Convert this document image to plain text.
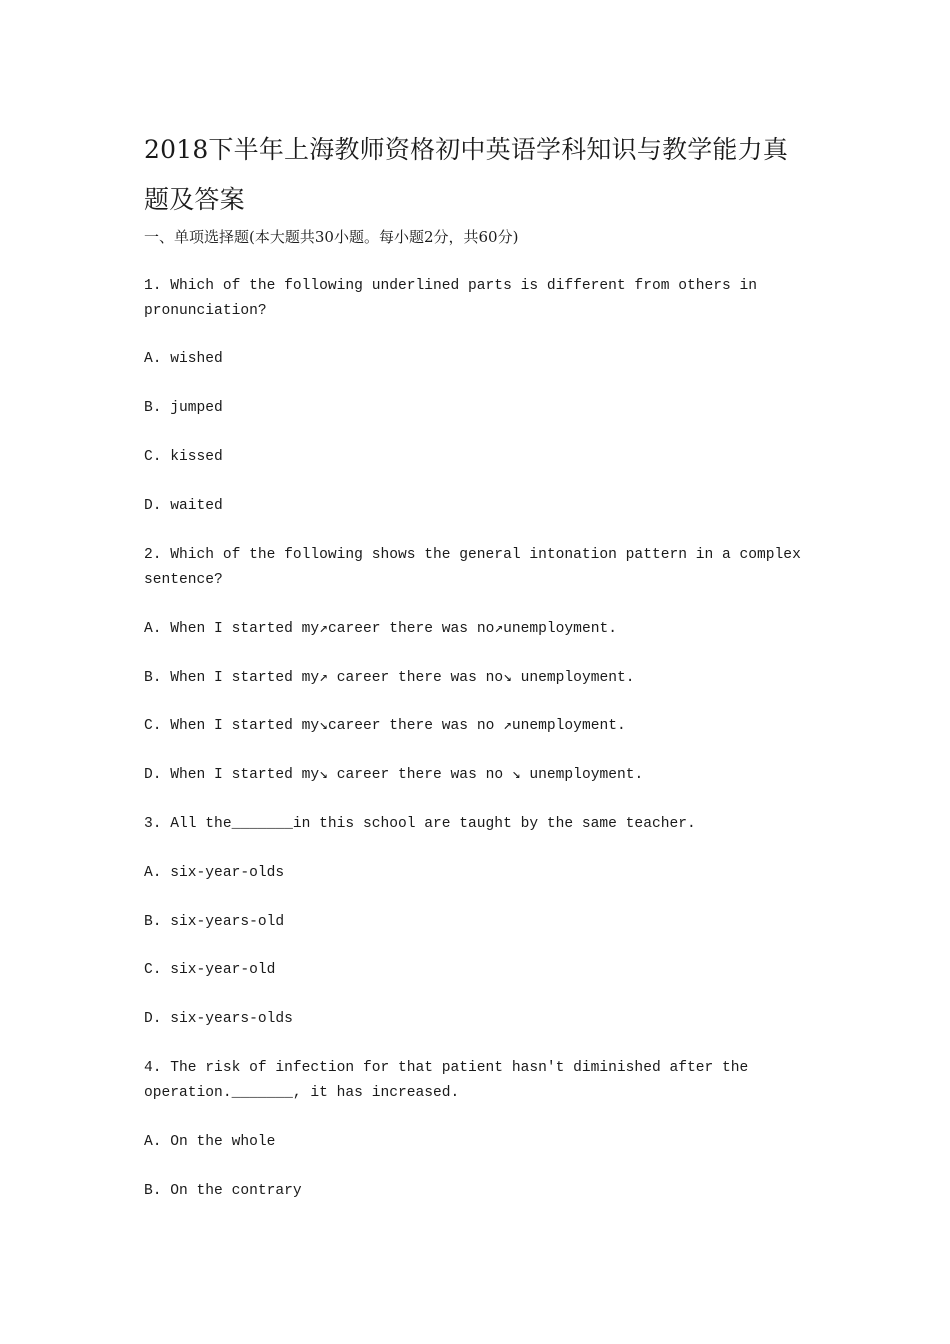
2018下半年上海教师资格初中英语学科知识与教学能力真
题及答案
一、单项选择题(本大题共30小题。每小题2分，共60分)
1. Which of the following underlined parts is different from others in
pronunciation?
A. wished
B. jumped
C. kissed
D. waited
2. Which of the following shows the general intonation pattern in a complex
sentence?
A. When I started my↗career there was no↗unemployment.
B. When I started my↗ career there was no↘ unemployment.
C. When I started my↘career there was no ↗unemployment.
D. When I started my↘ career there was no ↘ unemployment.
3. All the_______in this school are taught by the same teacher.
A. six-year-olds
B. six-years-old
C. six-year-old
D. six-years-olds
4. The risk of infection for that patient hasn't diminished after the
operation._______, it has increased.
A. On the whole
B. On the contrary
